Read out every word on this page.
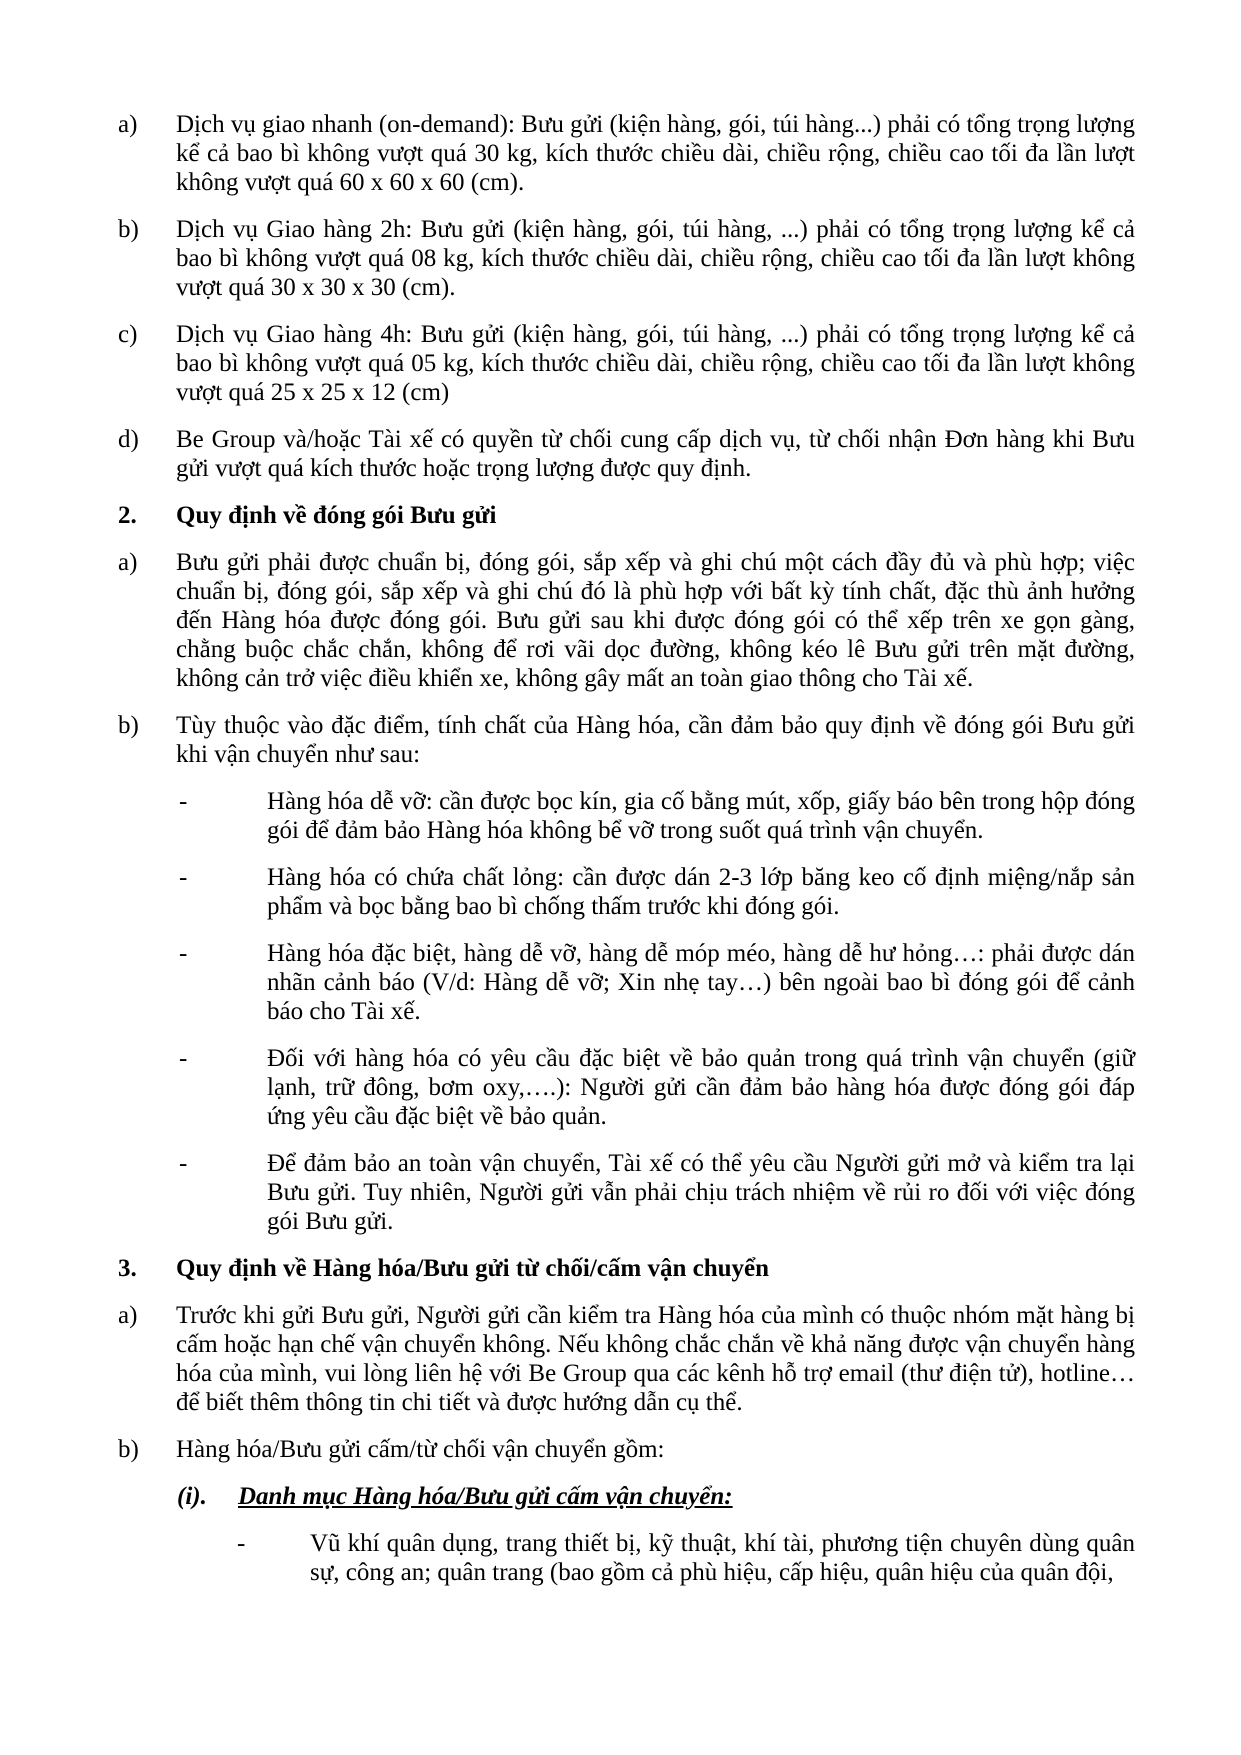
a)	Dịch vụ giao nhanh (on-demand): Bưu gửi (kiện hàng, gói, túi hàng...) phải có tổng trọng lượng kể cả bao bì không vượt quá 30 kg, kích thước chiều dài, chiều rộng, chiều cao tối đa lần lượt không vượt quá 60 x 60 x 60 (cm).
b)	Dịch vụ Giao hàng 2h: Bưu gửi (kiện hàng, gói, túi hàng, ...) phải có tổng trọng lượng kể cả bao bì không vượt quá 08 kg, kích thước chiều dài, chiều rộng, chiều cao tối đa lần lượt không vượt quá 30 x 30 x 30 (cm).
c)	Dịch vụ Giao hàng 4h: Bưu gửi (kiện hàng, gói, túi hàng, ...) phải có tổng trọng lượng kể cả bao bì không vượt quá 05 kg, kích thước chiều dài, chiều rộng, chiều cao tối đa lần lượt không vượt quá 25 x 25 x 12 (cm)
d)	Be Group và/hoặc Tài xế có quyền từ chối cung cấp dịch vụ, từ chối nhận Đơn hàng khi Bưu gửi vượt quá kích thước hoặc trọng lượng được quy định.
2.	Quy định về đóng gói Bưu gửi
a)	Bưu gửi phải được chuẩn bị, đóng gói, sắp xếp và ghi chú một cách đầy đủ và phù hợp; việc chuẩn bị, đóng gói, sắp xếp và ghi chú đó là phù hợp với bất kỳ tính chất, đặc thù ảnh hưởng đến Hàng hóa được đóng gói. Bưu gửi sau khi được đóng gói có thể xếp trên xe gọn gàng, chằng buộc chắc chắn, không để rơi vãi dọc đường, không kéo lê Bưu gửi trên mặt đường, không cản trở việc điều khiển xe, không gây mất an toàn giao thông cho Tài xế.
b)	Tùy thuộc vào đặc điểm, tính chất của Hàng hóa, cần đảm bảo quy định về đóng gói Bưu gửi khi vận chuyển như sau:
-	Hàng hóa dễ vỡ: cần được bọc kín, gia cố bằng mút, xốp, giấy báo bên trong hộp đóng gói để đảm bảo Hàng hóa không bể vỡ trong suốt quá trình vận chuyển.
-	Hàng hóa có chứa chất lỏng: cần được dán 2-3 lớp băng keo cố định miệng/nắp sản phẩm và bọc bằng bao bì chống thấm trước khi đóng gói.
-	Hàng hóa đặc biệt, hàng dễ vỡ, hàng dễ móp méo, hàng dễ hư hỏng…: phải được dán nhãn cảnh báo (V/d: Hàng dễ vỡ; Xin nhẹ tay…) bên ngoài bao bì đóng gói để cảnh báo cho Tài xế.
-	Đối với hàng hóa có yêu cầu đặc biệt về bảo quản trong quá trình vận chuyển (giữ lạnh, trữ đông, bơm oxy,….): Người gửi cần đảm bảo hàng hóa được đóng gói đáp ứng yêu cầu đặc biệt về bảo quản.
-	Để đảm bảo an toàn vận chuyển, Tài xế có thể yêu cầu Người gửi mở và kiểm tra lại Bưu gửi. Tuy nhiên, Người gửi vẫn phải chịu trách nhiệm về rủi ro đối với việc đóng gói Bưu gửi.
3.	Quy định về Hàng hóa/Bưu gửi từ chối/cấm vận chuyển
a)	Trước khi gửi Bưu gửi, Người gửi cần kiểm tra Hàng hóa của mình có thuộc nhóm mặt hàng bị cấm hoặc hạn chế vận chuyển không. Nếu không chắc chắn về khả năng được vận chuyển hàng hóa của mình, vui lòng liên hệ với Be Group qua các kênh hỗ trợ email (thư điện tử), hotline… để biết thêm thông tin chi tiết và được hướng dẫn cụ thể.
b)	Hàng hóa/Bưu gửi cấm/từ chối vận chuyển gồm:
(i).	Danh mục Hàng hóa/Bưu gửi cấm vận chuyển:
-	Vũ khí quân dụng, trang thiết bị, kỹ thuật, khí tài, phương tiện chuyên dùng quân sự, công an; quân trang (bao gồm cả phù hiệu, cấp hiệu, quân hiệu của quân đội,
